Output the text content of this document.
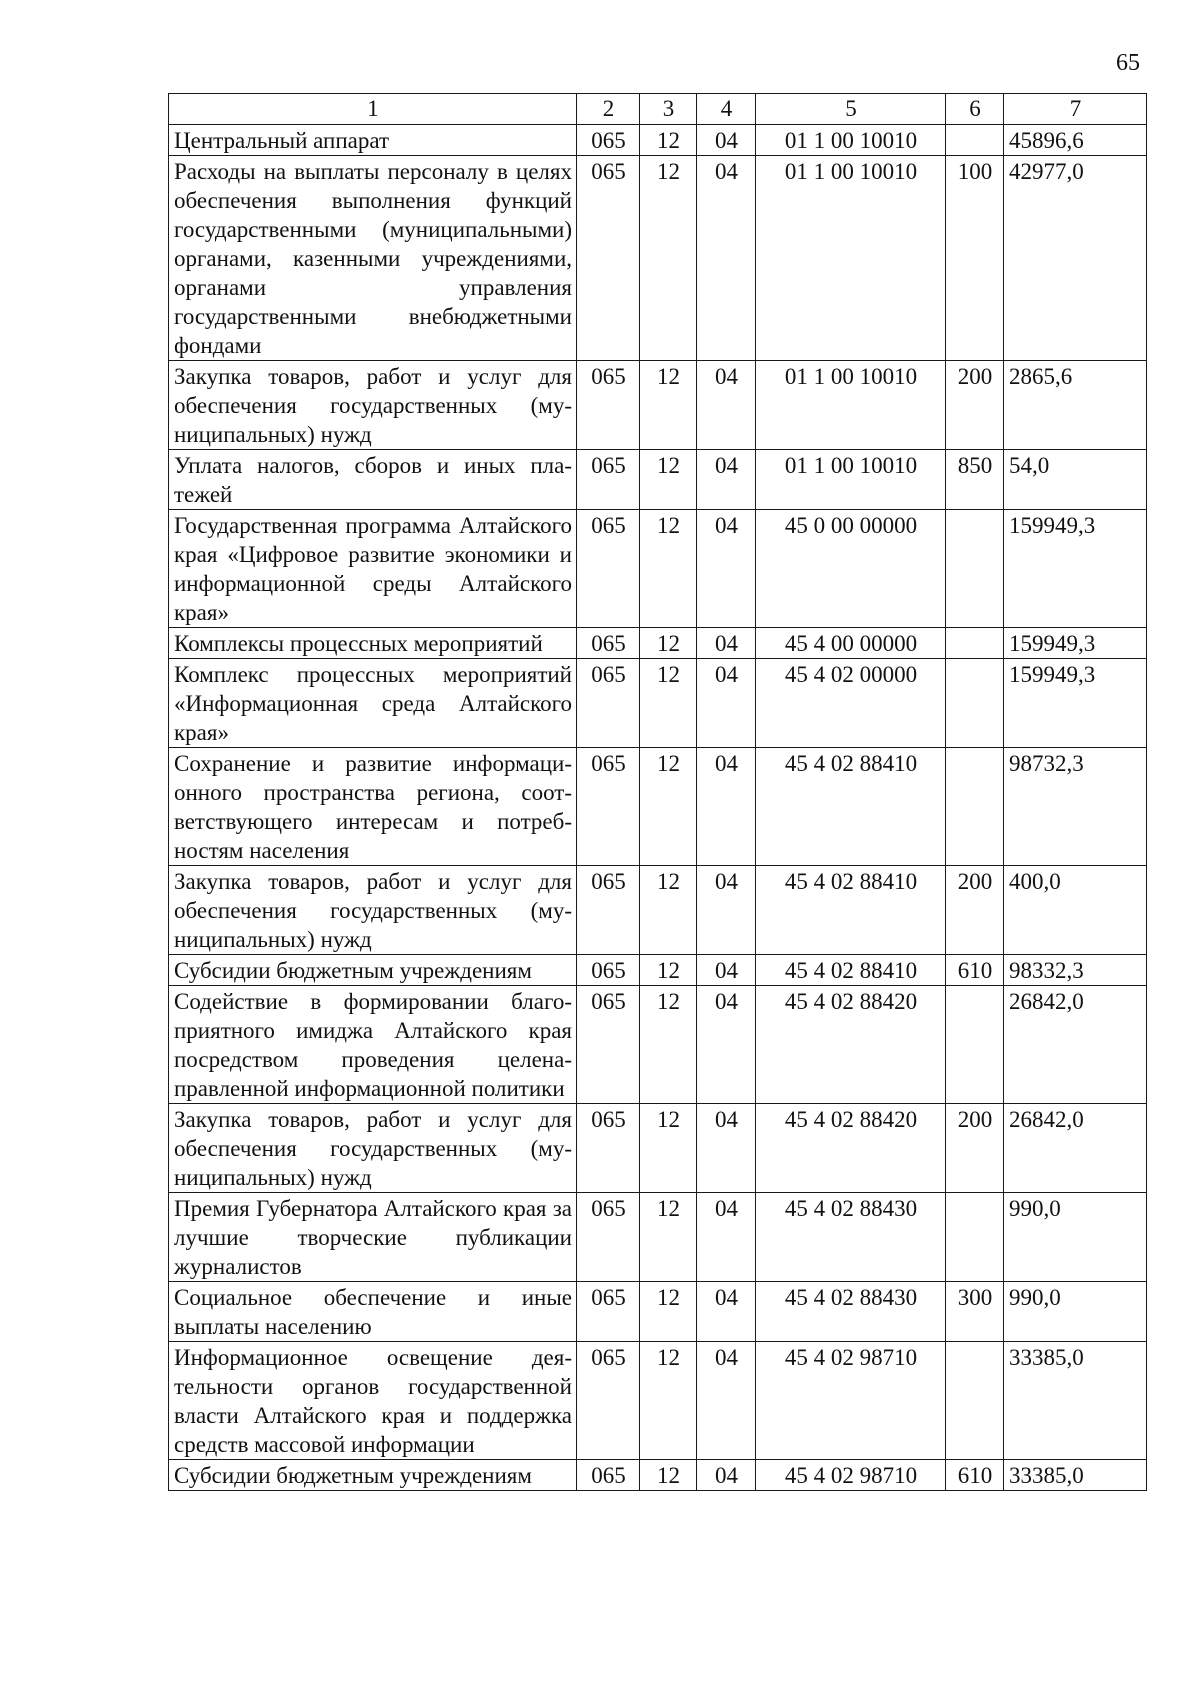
65
1	2	3	4	5	6	7
Центральный аппарат	065	12	04	01 1 00 10010		45896,6
Расходы на выплаты персоналу в целях обеспечения выполнения функций государственными (муниципальными) органами, казенными учреждениями, органами управления государственными внебюджетными фондами	065	12	04	01 1 00 10010	100	42977,0
Закупка товаров, работ и услуг для обеспечения государственных (муниципальных) нужд	065	12	04	01 1 00 10010	200	2865,6
Уплата налогов, сборов и иных платежей	065	12	04	01 1 00 10010	850	54,0
Государственная программа Алтайского края «Цифровое развитие экономики и информационной среды Алтайского края»	065	12	04	45 0 00 00000		159949,3
Комплексы процессных мероприятий	065	12	04	45 4 00 00000		159949,3
Комплекс процессных мероприятий «Информационная среда Алтайского края»	065	12	04	45 4 02 00000		159949,3
Сохранение и развитие информационного пространства региона, соответствующего интересам и потребностям населения	065	12	04	45 4 02 88410		98732,3
Закупка товаров, работ и услуг для обеспечения государственных (муниципальных) нужд	065	12	04	45 4 02 88410	200	400,0
Субсидии бюджетным учреждениям	065	12	04	45 4 02 88410	610	98332,3
Содействие в формировании благоприятного имиджа Алтайского края посредством проведения целенаправленной информационной политики	065	12	04	45 4 02 88420		26842,0
Закупка товаров, работ и услуг для обеспечения государственных (муниципальных) нужд	065	12	04	45 4 02 88420	200	26842,0
Премия Губернатора Алтайского края за лучшие творческие публикации журналистов	065	12	04	45 4 02 88430		990,0
Социальное обеспечение и иные выплаты населению	065	12	04	45 4 02 88430	300	990,0
Информационное освещение деятельности органов государственной власти Алтайского края и поддержка средств массовой информации	065	12	04	45 4 02 98710		33385,0
Субсидии бюджетным учреждениям	065	12	04	45 4 02 98710	610	33385,0
